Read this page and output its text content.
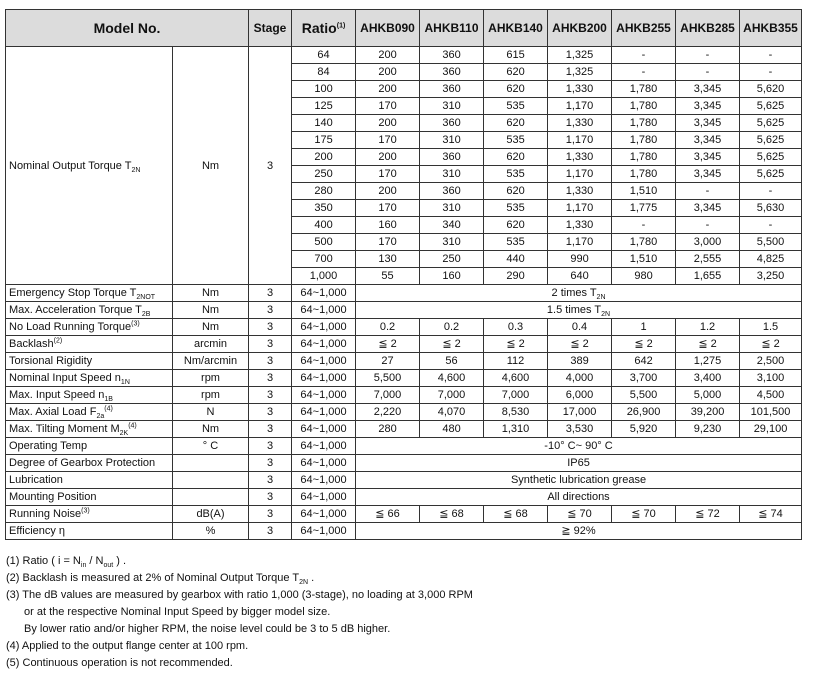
Model No.		Stage	Ratio$^{(1)}$	AHKB090	AHKB110	AHKB140	AHKB200	AHKB255	AHKB285	AHKB355
Nominal Output Torque $T_{2N}$	Nm	3	64	200	360	615	1,325	-	-	-
			84	200	360	620	1,325	-	-	-
			100	200	360	620	1,330	1,780	3,345	5,620
			125	170	310	535	1,170	1,780	3,345	5,625
			140	200	360	620	1,330	1,780	3,345	5,625
			175	170	310	535	1,170	1,780	3,345	5,625
			200	200	360	620	1,330	1,780	3,345	5,625
			250	170	310	535	1,170	1,780	3,345	5,625
			280	200	360	620	1,330	1,510	-	-
			350	170	310	535	1,170	1,775	3,345	5,630
			400	160	340	620	1,330	-	-	-
			500	170	310	535	1,170	1,780	3,000	5,500
			700	130	250	440	990	1,510	2,555	4,825
			1,000	55	160	290	640	980	1,655	3,250
Emergency Stop Torque $T_{2NOT}$	Nm	3	64~1,000	2 times $T_{2N}$
Max. Acceleration Torque $T_{2B}$	Nm	3	64~1,000	1.5 times $T_{2N}$
No Load Running Torque$^{(3)}$	Nm	3	64~1,000	0.2	0.2	0.3	0.4	1	1.2	1.5
Backlash$^{(2)}$	arcmin	3	64~1,000	≦ 2	≦ 2	≦ 2	≦ 2	≦ 2	≦ 2	≦ 2
Torsional Rigidity	Nm/arcmin	3	64~1,000	27	56	112	389	642	1,275	2,500
Nominal Input Speed $n_{1N}$	rpm	3	64~1,000	5,500	4,600	4,600	4,000	3,700	3,400	3,100
Max. Input Speed $n_{1B}$	rpm	3	64~1,000	7,000	7,000	7,000	6,000	5,500	5,000	4,500
Max. Axial Load $F_{2a}^{(4)}$	N	3	64~1,000	2,220	4,070	8,530	17,000	26,900	39,200	101,500
Max. Tilting Moment $M_{2K}^{(4)}$	Nm	3	64~1,000	280	480	1,310	3,530	5,920	9,230	29,100
Operating Temp	° C	3	64~1,000	-10° C~ 90° C						
Degree of Gearbox Protection		3	64~1,000	IP65						
Lubrication		3	64~1,000	Synthetic lubrication grease						
Mounting Position		3	64~1,000	All directions						
Running Noise$^{(3)}$	dB(A)	3	64~1,000	≦ 66	≦ 68	≦ 68	≦ 70	≦ 70	≦ 72	≦ 74
Efficiency η	%	3	64~1,000	≧ 92%						
(1) Ratio ( $i = N_{in} / N_{out}$ ) .
(2) Backlash is measured at 2% of Nominal Output Torque $T_{2N}$ .
(3) The dB values are measured by gearbox with ratio 1,000 (3-stage), no loading at 3,000 RPM
or at the respective Nominal Input Speed by bigger model size.
By lower ratio and/or higher RPM, the noise level could be 3 to 5 dB higher.
(4) Applied to the output flange center at 100 rpm.
(5) Continuous operation is not recommended.
